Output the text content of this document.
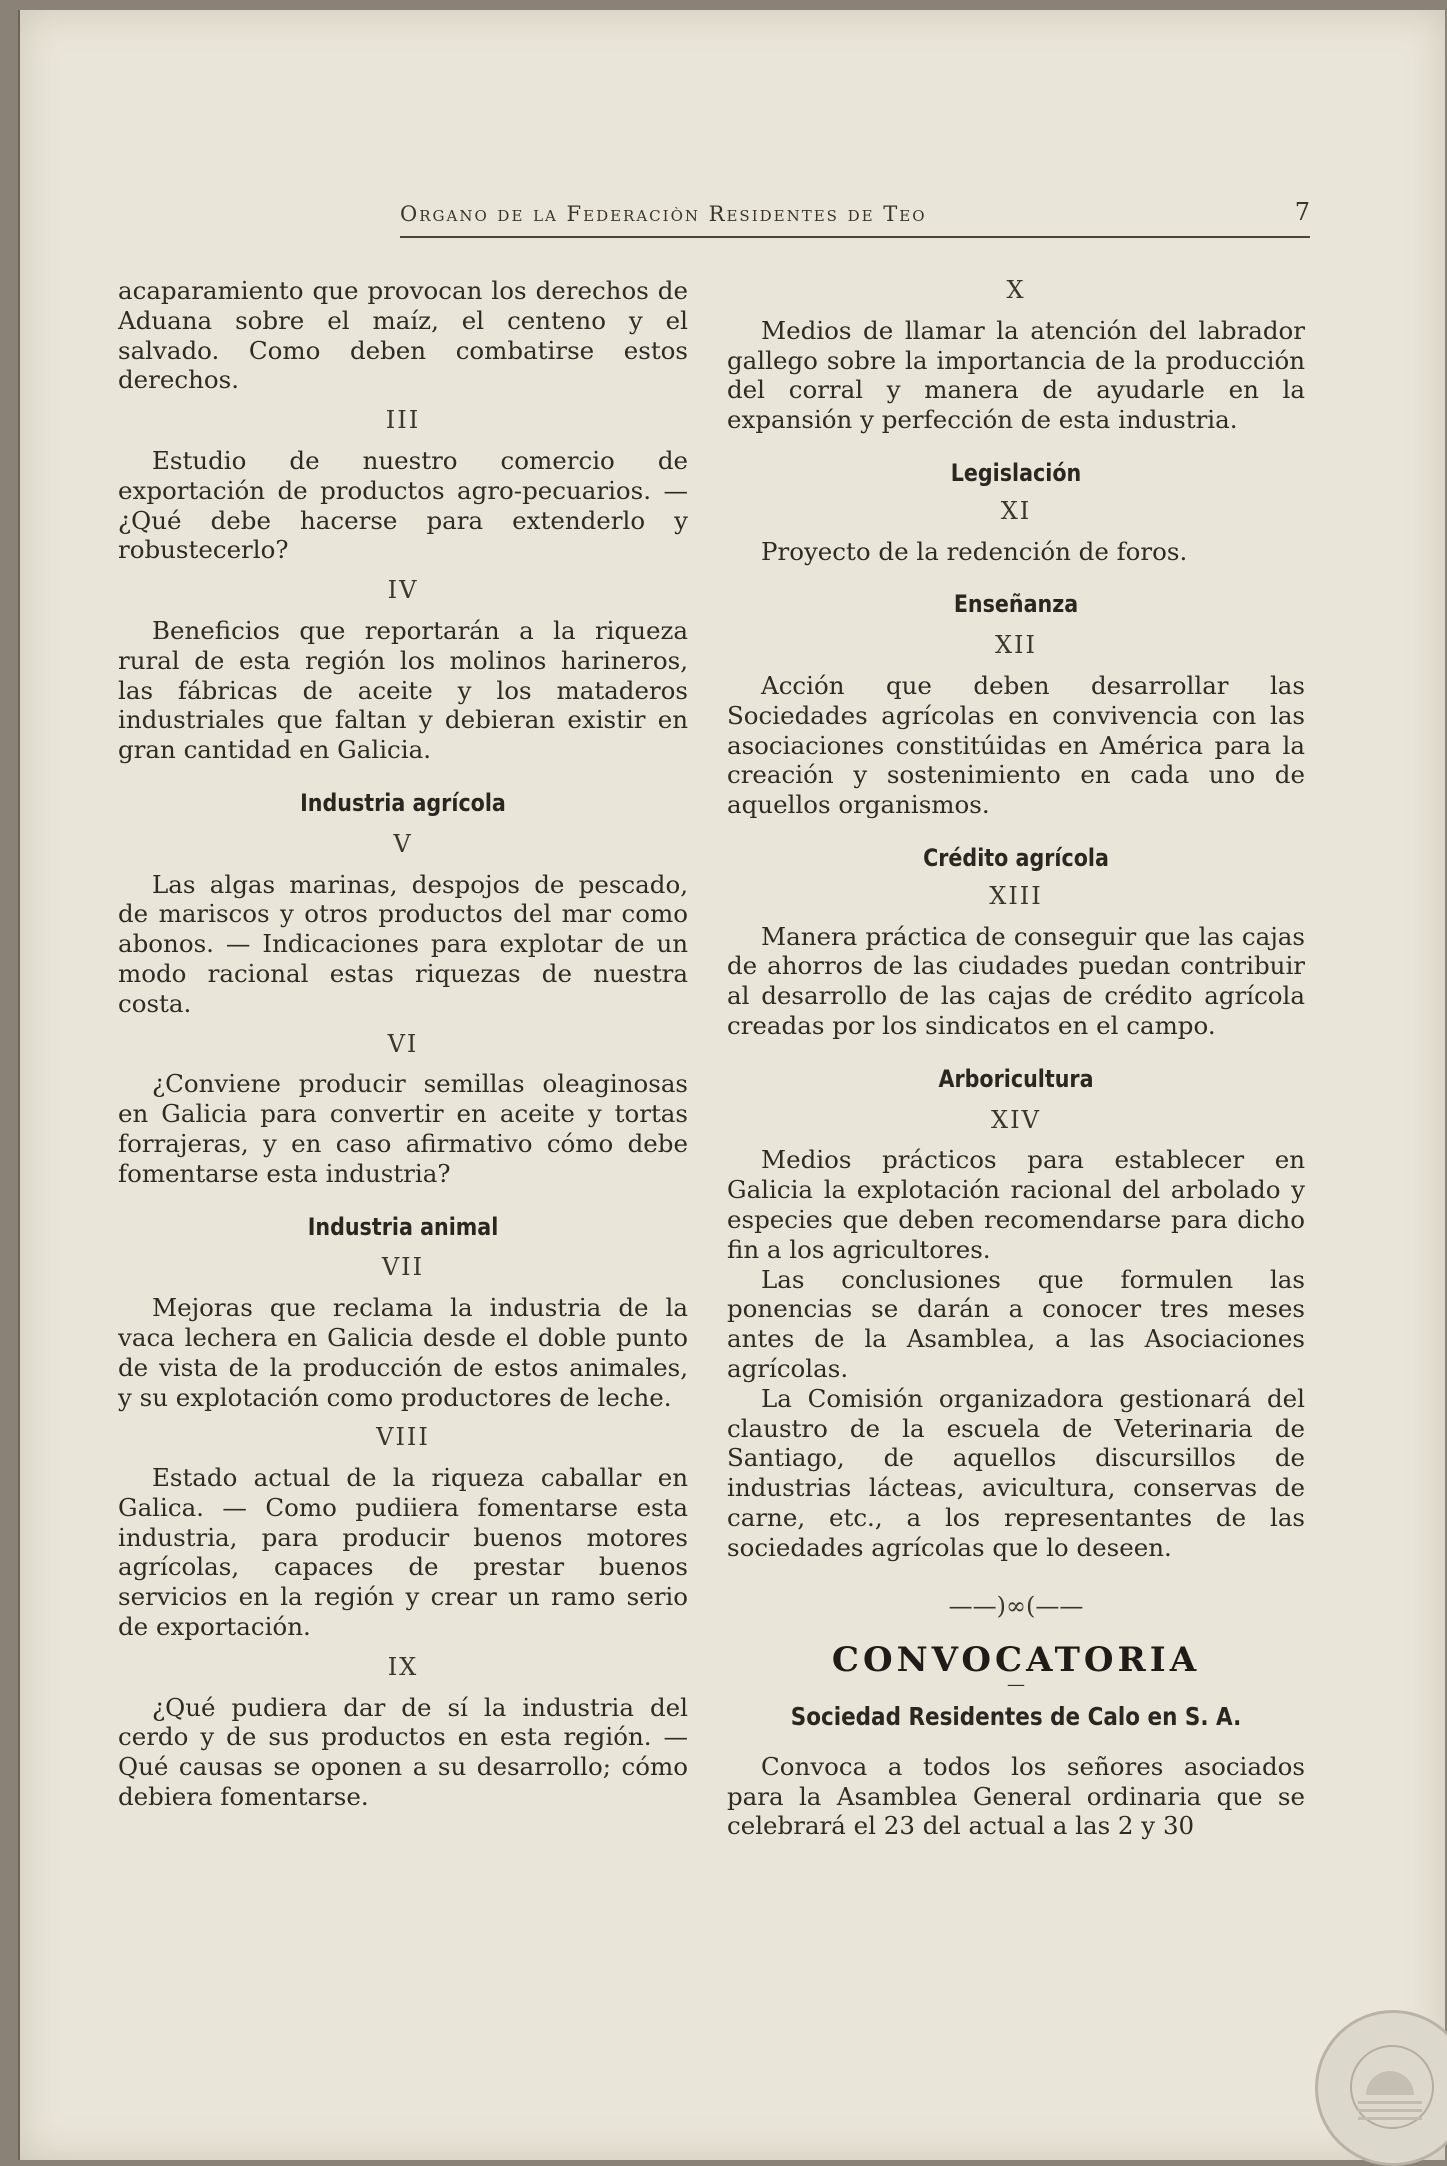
Organo de la Federaciòn Residentes de Teo	7

acaparamiento que provocan los derechos de Aduana sobre el maíz, el centeno y el salvado. Como deben combatirse estos derechos.

III

Estudio de nuestro comercio de exportación de productos agro-pecuarios. —¿Qué debe hacerse para extenderlo y robustecerlo?

IV

Beneficios que reportarán a la riqueza rural de esta región los molinos harineros, las fábricas de aceite y los mataderos industriales que faltan y debieran existir en gran cantidad en Galicia.

Industria agrícola
V

Las algas marinas, despojos de pescado, de mariscos y otros productos del mar como abonos. — Indicaciones para explotar de un modo racional estas riquezas de nuestra costa.

VI

¿Conviene producir semillas oleaginosas en Galicia para convertir en aceite y tortas forrajeras, y en caso afirmativo cómo debe fomentarse esta industria?

Industria animal
VII

Mejoras que reclama la industria de la vaca lechera en Galicia desde el doble punto de vista de la producción de estos animales, y su explotación como productores de leche.

VIII

Estado actual de la riqueza caballar en Galica. — Como pudiiera fomentarse esta industria, para producir buenos motores agrícolas, capaces de prestar buenos servicios en la región y crear un ramo serio de exportación.

IX

¿Qué pudiera dar de sí la industria del cerdo y de sus productos en esta región. —Qué causas se oponen a su desarrollo; cómo debiera fomentarse.

X

Medios de llamar la atención del labrador gallego sobre la importancia de la producción del corral y manera de ayudarle en la expansión y perfección de esta industria.

Legislación
XI

Proyecto de la redención de foros.

Enseñanza
XII

Acción que deben desarrollar las Sociedades agrícolas en convivencia con las asociaciones constitúidas en América para la creación y sostenimiento en cada uno de aquellos organismos.

Crédito agrícola
XIII

Manera práctica de conseguir que las cajas de ahorros de las ciudades puedan contribuir al desarrollo de las cajas de crédito agrícola creadas por los sindicatos en el campo.

Arboricultura
XIV

Medios prácticos para establecer en Galicia la explotación racional del arbolado y especies que deben recomendarse para dicho fin a los agricultores.

Las conclusiones que formulen las ponencias se darán a conocer tres meses antes de la Asamblea, a las Asociaciones agrícolas.

La Comisión organizadora gestionará del claustro de la escuela de Veterinaria de Santiago, de aquellos discursillos de industrias lácteas, avicultura, conservas de carne, etc., a los representantes de las sociedades agrícolas que lo deseen.

——)∞(——
CONVOCATORIA
—
Sociedad Residentes de Calo en S. A.

Convoca a todos los señores asociados para la Asamblea General ordinaria que se celebrará el 23 del actual a las 2 y 30
